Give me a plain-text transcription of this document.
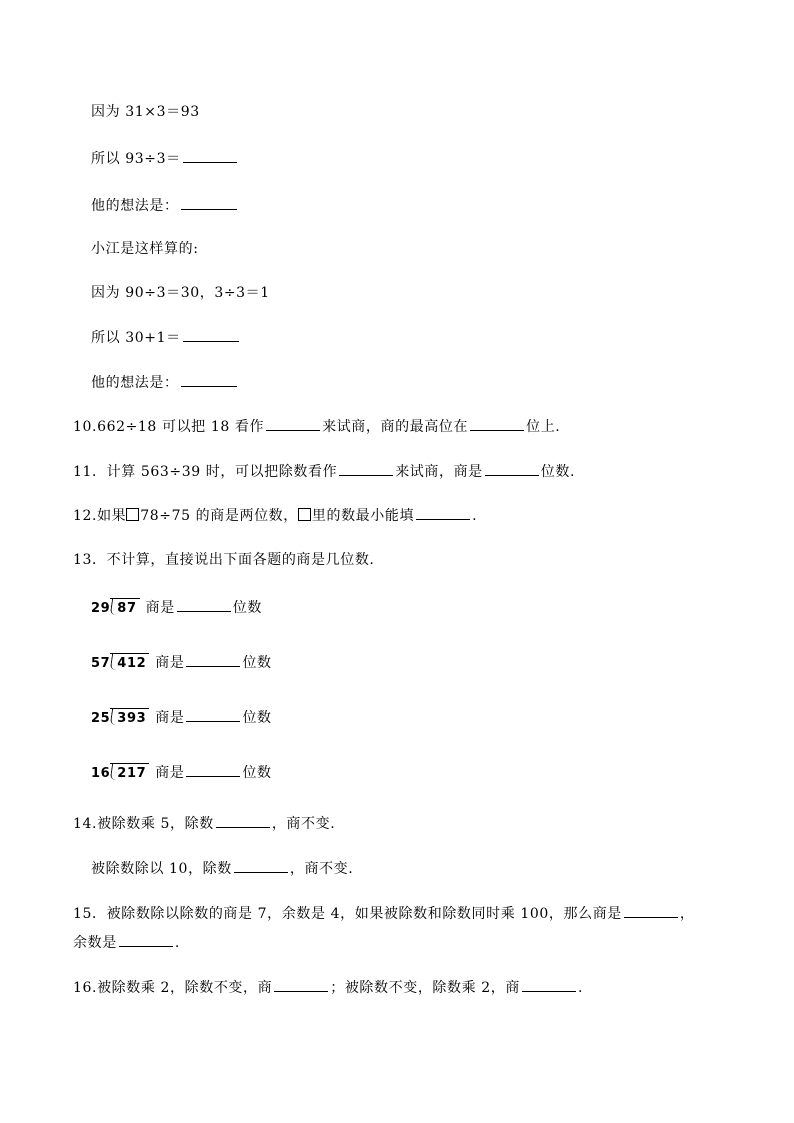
因为 31×3＝93
所以 93÷3＝
他的想法是：
小江是这样算的:
因为 90÷3＝30，3÷3＝1
所以 30+1＝
他的想法是：
10.662÷18 可以把 18 看作	来试商，商的最高位在	位上.
11．计算 563÷39 时，可以把除数看作	来试商，商是	位数.
12.如果 78÷75 的商是两位数， 里的数最小能填	.
13．不计算，直接说出下面各题的商是几位数.
29 87 商是	位数
57 412 商是	位数
25 393 商是	位数
16 217 商是	位数
14.被除数乘 5，除数	，商不变.
被除数除以 10，除数	，商不变.
15．被除数除以除数的商是 7，余数是 4，如果被除数和除数同时乘 100，那么商是	，
余数是	.
16.被除数乘 2，除数不变，商	；被除数不变，除数乘 2，商	.
